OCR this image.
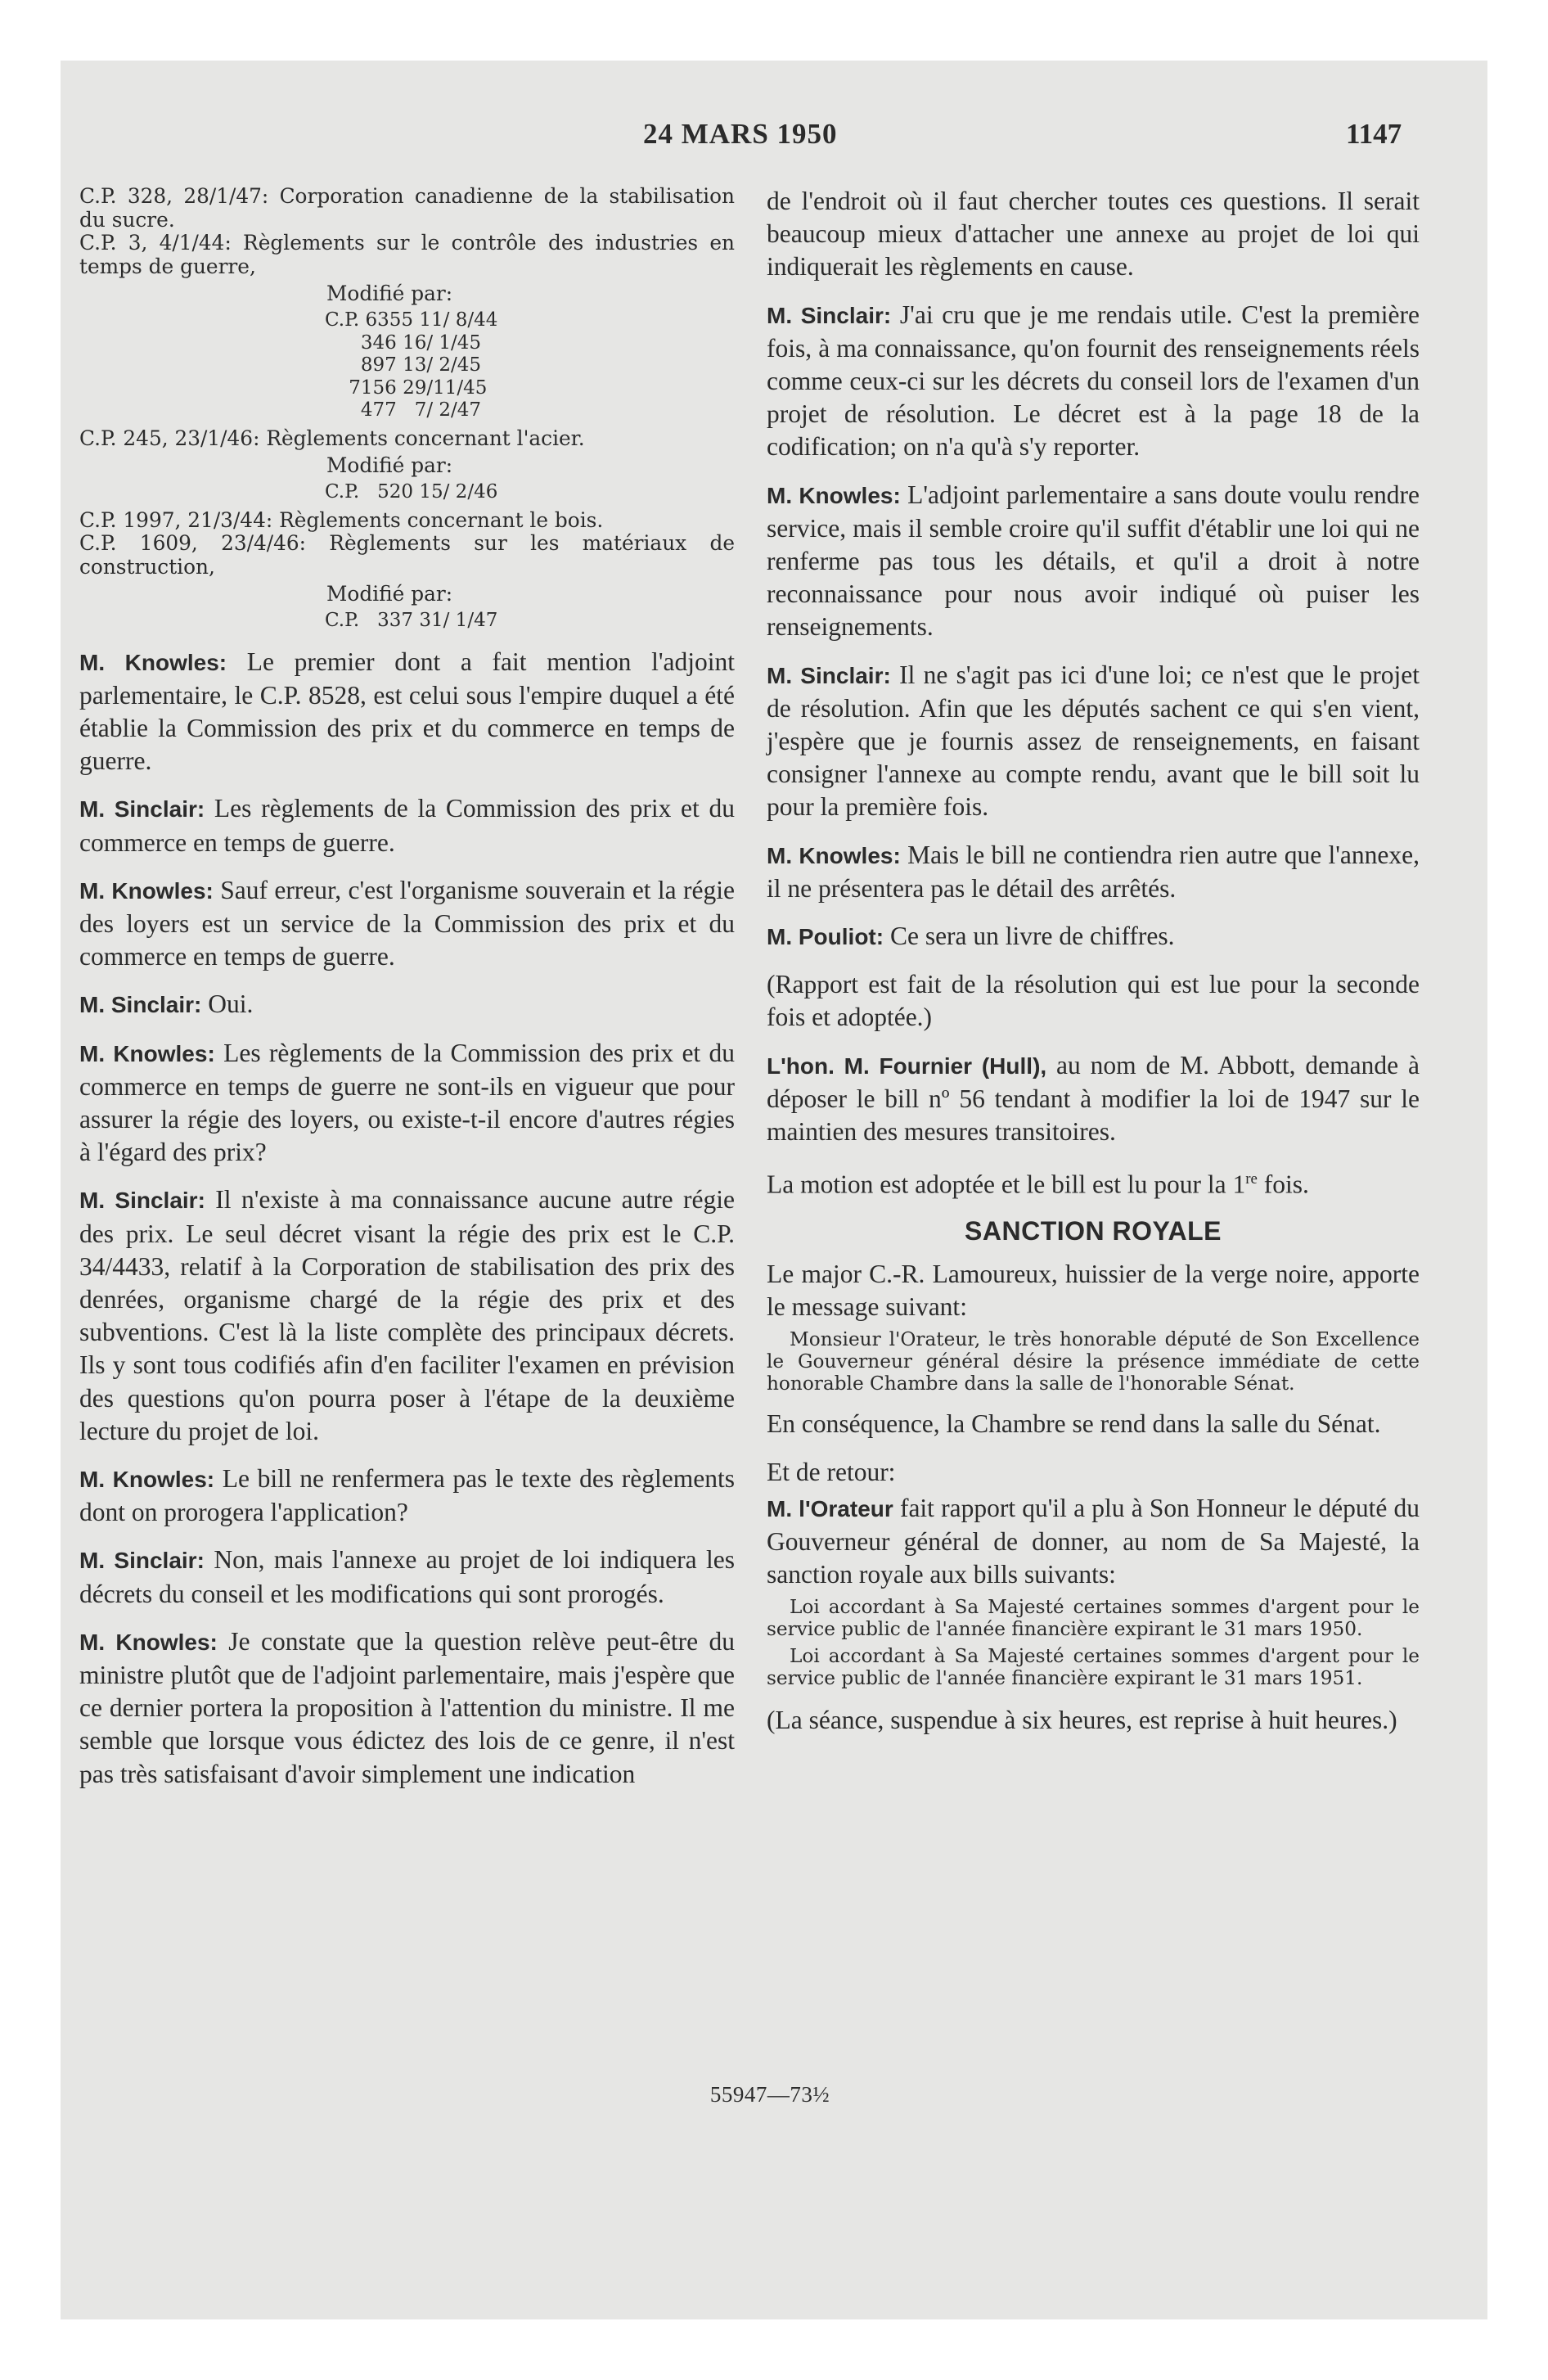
24 MARS 1950	1147

C.P. 328, 28/1/47: Corporation canadienne de la stabilisation du sucre.

C.P. 3, 4/1/44: Règlements sur le contrôle des industries en temps de guerre,

Modifié par:
C.P. 6355 11/ 8/44
346 16/ 1/45
897 13/ 2/45
7156 29/11/45
477   7/ 2/47

C.P. 245, 23/1/46: Règlements concernant l'acier.

Modifié par:
C.P.   520 15/ 2/46

C.P. 1997, 21/3/44: Règlements concernant le bois.

C.P. 1609, 23/4/46: Règlements sur les matériaux de construction,

Modifié par:
C.P.   337 31/ 1/47

M. Knowles: Le premier dont a fait mention l'adjoint parlementaire, le C.P. 8528, est celui sous l'empire duquel a été établie la Commission des prix et du commerce en temps de guerre.

M. Sinclair: Les règlements de la Commission des prix et du commerce en temps de guerre.

M. Knowles: Sauf erreur, c'est l'organisme souverain et la régie des loyers est un service de la Commission des prix et du commerce en temps de guerre.

M. Sinclair: Oui.

M. Knowles: Les règlements de la Commission des prix et du commerce en temps de guerre ne sont-ils en vigueur que pour assurer la régie des loyers, ou existe-t-il encore d'autres régies à l'égard des prix?

M. Sinclair: Il n'existe à ma connaissance aucune autre régie des prix. Le seul décret visant la régie des prix est le C.P. 34/4433, relatif à la Corporation de stabilisation des prix des denrées, organisme chargé de la régie des prix et des subventions. C'est là la liste complète des principaux décrets. Ils y sont tous codifiés afin d'en faciliter l'examen en prévision des questions qu'on pourra poser à l'étape de la deuxième lecture du projet de loi.

M. Knowles: Le bill ne renfermera pas le texte des règlements dont on prorogera l'application?

M. Sinclair: Non, mais l'annexe au projet de loi indiquera les décrets du conseil et les modifications qui sont prorogés.

M. Knowles: Je constate que la question relève peut-être du ministre plutôt que de l'adjoint parlementaire, mais j'espère que ce dernier portera la proposition à l'attention du ministre. Il me semble que lorsque vous édictez des lois de ce genre, il n'est pas très satisfaisant d'avoir simplement une indication

de l'endroit où il faut chercher toutes ces questions. Il serait beaucoup mieux d'attacher une annexe au projet de loi qui indiquerait les règlements en cause.

M. Sinclair: J'ai cru que je me rendais utile. C'est la première fois, à ma connaissance, qu'on fournit des renseignements réels comme ceux-ci sur les décrets du conseil lors de l'examen d'un projet de résolution. Le décret est à la page 18 de la codification; on n'a qu'à s'y reporter.

M. Knowles: L'adjoint parlementaire a sans doute voulu rendre service, mais il semble croire qu'il suffit d'établir une loi qui ne renferme pas tous les détails, et qu'il a droit à notre reconnaissance pour nous avoir indiqué où puiser les renseignements.

M. Sinclair: Il ne s'agit pas ici d'une loi; ce n'est que le projet de résolution. Afin que les députés sachent ce qui s'en vient, j'espère que je fournis assez de renseignements, en faisant consigner l'annexe au compte rendu, avant que le bill soit lu pour la première fois.

M. Knowles: Mais le bill ne contiendra rien autre que l'annexe, il ne présentera pas le détail des arrêtés.

M. Pouliot: Ce sera un livre de chiffres.

(Rapport est fait de la résolution qui est lue pour la seconde fois et adoptée.)

L'hon. M. Fournier (Hull), au nom de M. Abbott, demande à déposer le bill nº 56 tendant à modifier la loi de 1947 sur le maintien des mesures transitoires.

La motion est adoptée et le bill est lu pour la 1re fois.

SANCTION ROYALE

Le major C.-R. Lamoureux, huissier de la verge noire, apporte le message suivant:

Monsieur l'Orateur, le très honorable député de Son Excellence le Gouverneur général désire la présence immédiate de cette honorable Chambre dans la salle de l'honorable Sénat.

En conséquence, la Chambre se rend dans la salle du Sénat.

Et de retour:

M. l'Orateur fait rapport qu'il a plu à Son Honneur le député du Gouverneur général de donner, au nom de Sa Majesté, la sanction royale aux bills suivants:

Loi accordant à Sa Majesté certaines sommes d'argent pour le service public de l'année financière expirant le 31 mars 1950.

Loi accordant à Sa Majesté certaines sommes d'argent pour le service public de l'année financière expirant le 31 mars 1951.

(La séance, suspendue à six heures, est reprise à huit heures.)

55947—73½
